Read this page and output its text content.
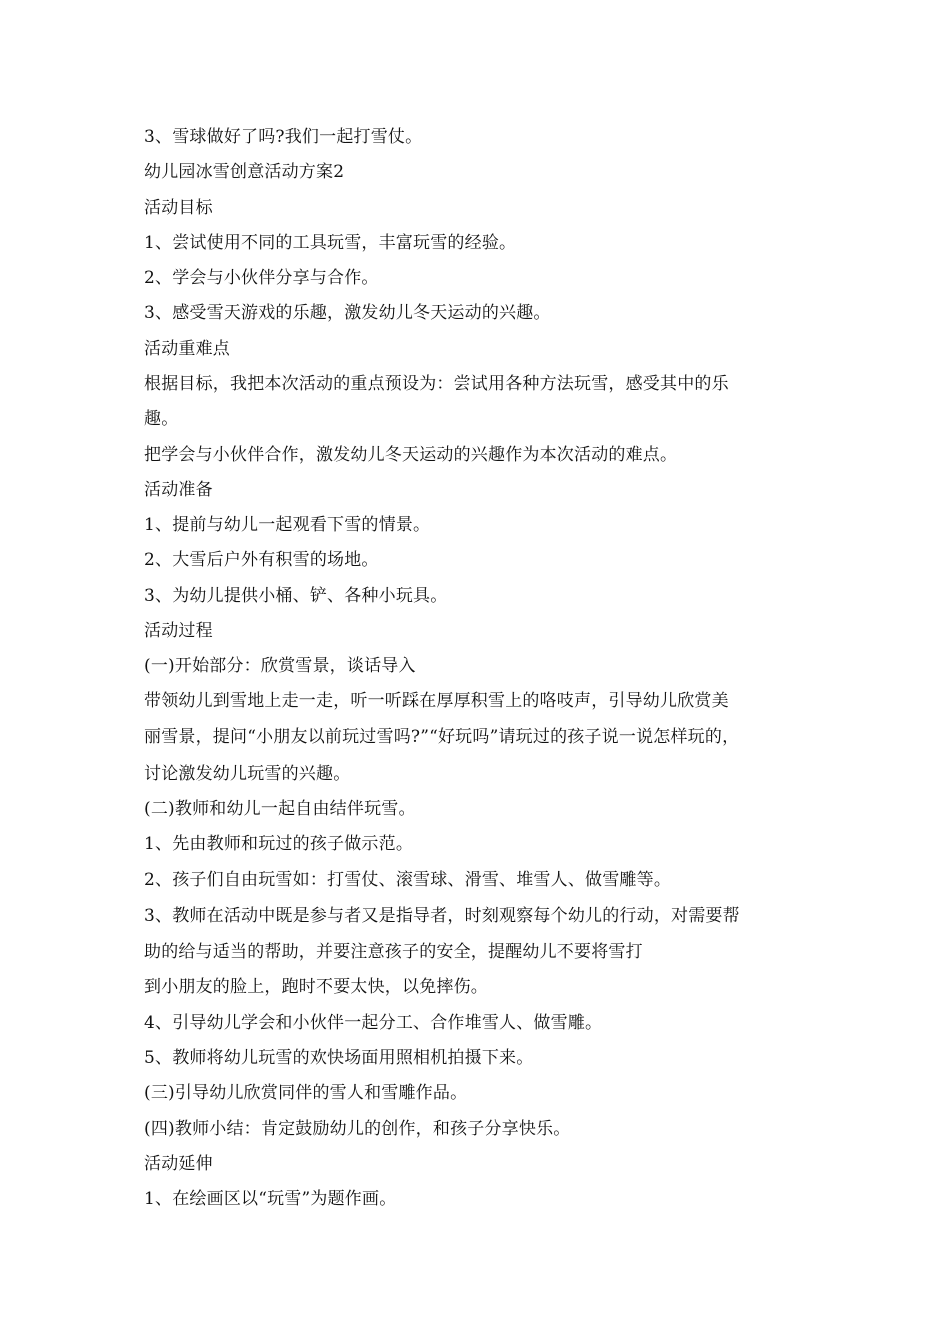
3、雪球做好了吗?我们一起打雪仗。
幼儿园冰雪创意活动方案2
活动目标
1、尝试使用不同的工具玩雪，丰富玩雪的经验。
2、学会与小伙伴分享与合作。
3、感受雪天游戏的乐趣，激发幼儿冬天运动的兴趣。
活动重难点
根据目标，我把本次活动的重点预设为：尝试用各种方法玩雪，感受其中的乐
趣。
把学会与小伙伴合作，激发幼儿冬天运动的兴趣作为本次活动的难点。
活动准备
1、提前与幼儿一起观看下雪的情景。
2、大雪后户外有积雪的场地。
3、为幼儿提供小桶、铲、各种小玩具。
活动过程
(一)开始部分：欣赏雪景，谈话导入
带领幼儿到雪地上走一走，听一听踩在厚厚积雪上的咯吱声，引导幼儿欣赏美
丽雪景，提问“小朋友以前玩过雪吗?”“好玩吗”请玩过的孩子说一说怎样玩的，
讨论激发幼儿玩雪的兴趣。
(二)教师和幼儿一起自由结伴玩雪。
1、先由教师和玩过的孩子做示范。
2、孩子们自由玩雪如：打雪仗、滚雪球、滑雪、堆雪人、做雪雕等。
3、教师在活动中既是参与者又是指导者，时刻观察每个幼儿的行动，对需要帮
助的给与适当的帮助，并要注意孩子的安全，提醒幼儿不要将雪打
到小朋友的脸上，跑时不要太快，以免摔伤。
4、引导幼儿学会和小伙伴一起分工、合作堆雪人、做雪雕。
5、教师将幼儿玩雪的欢快场面用照相机拍摄下来。
(三)引导幼儿欣赏同伴的雪人和雪雕作品。
(四)教师小结：肯定鼓励幼儿的创作，和孩子分享快乐。
活动延伸
1、在绘画区以“玩雪”为题作画。
